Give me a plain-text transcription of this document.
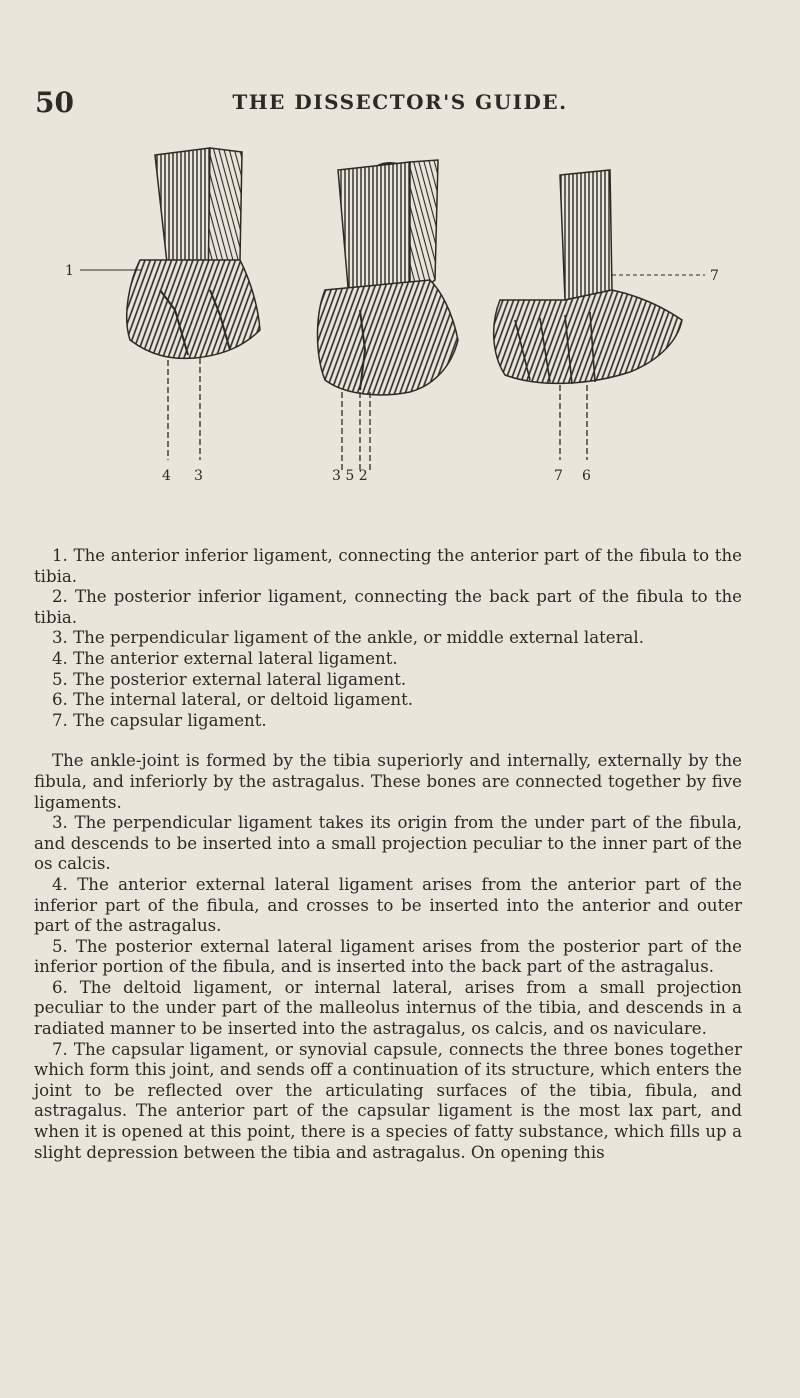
50	THE DISSECTOR'S GUIDE.
1
4 3	3 5 2
7
7 6

1. The anterior inferior ligament, connecting the anterior part of the fibula to the tibia.

2. The posterior inferior ligament, connecting the back part of the fibula to the tibia.

3. The perpendicular ligament of the ankle, or middle external lateral.

4. The anterior external lateral ligament.

5. The posterior external lateral ligament.

6. The internal lateral, or deltoid ligament.

7. The capsular ligament.

The ankle-joint is formed by the tibia superiorly and internally, externally by the fibula, and inferiorly by the astragalus. These bones are connected together by five ligaments.

3. The perpendicular ligament takes its origin from the under part of the fibula, and descends to be inserted into a small projection peculiar to the inner part of the os calcis.

4. The anterior external lateral ligament arises from the anterior part of the inferior part of the fibula, and crosses to be inserted into the anterior and outer part of the astragalus.

5. The posterior external lateral ligament arises from the posterior part of the inferior portion of the fibula, and is inserted into the back part of the astragalus.

6. The deltoid ligament, or internal lateral, arises from a small projection peculiar to the under part of the malleolus internus of the tibia, and descends in a radiated manner to be inserted into the astragalus, os calcis, and os naviculare.

7. The capsular ligament, or synovial capsule, connects the three bones together which form this joint, and sends off a continuation of its structure, which enters the joint to be reflected over the articulating surfaces of the tibia, fibula, and astragalus. The anterior part of the capsular ligament is the most lax part, and when it is opened at this point, there is a species of fatty substance, which fills up a slight depression between the tibia and astragalus. On opening this
